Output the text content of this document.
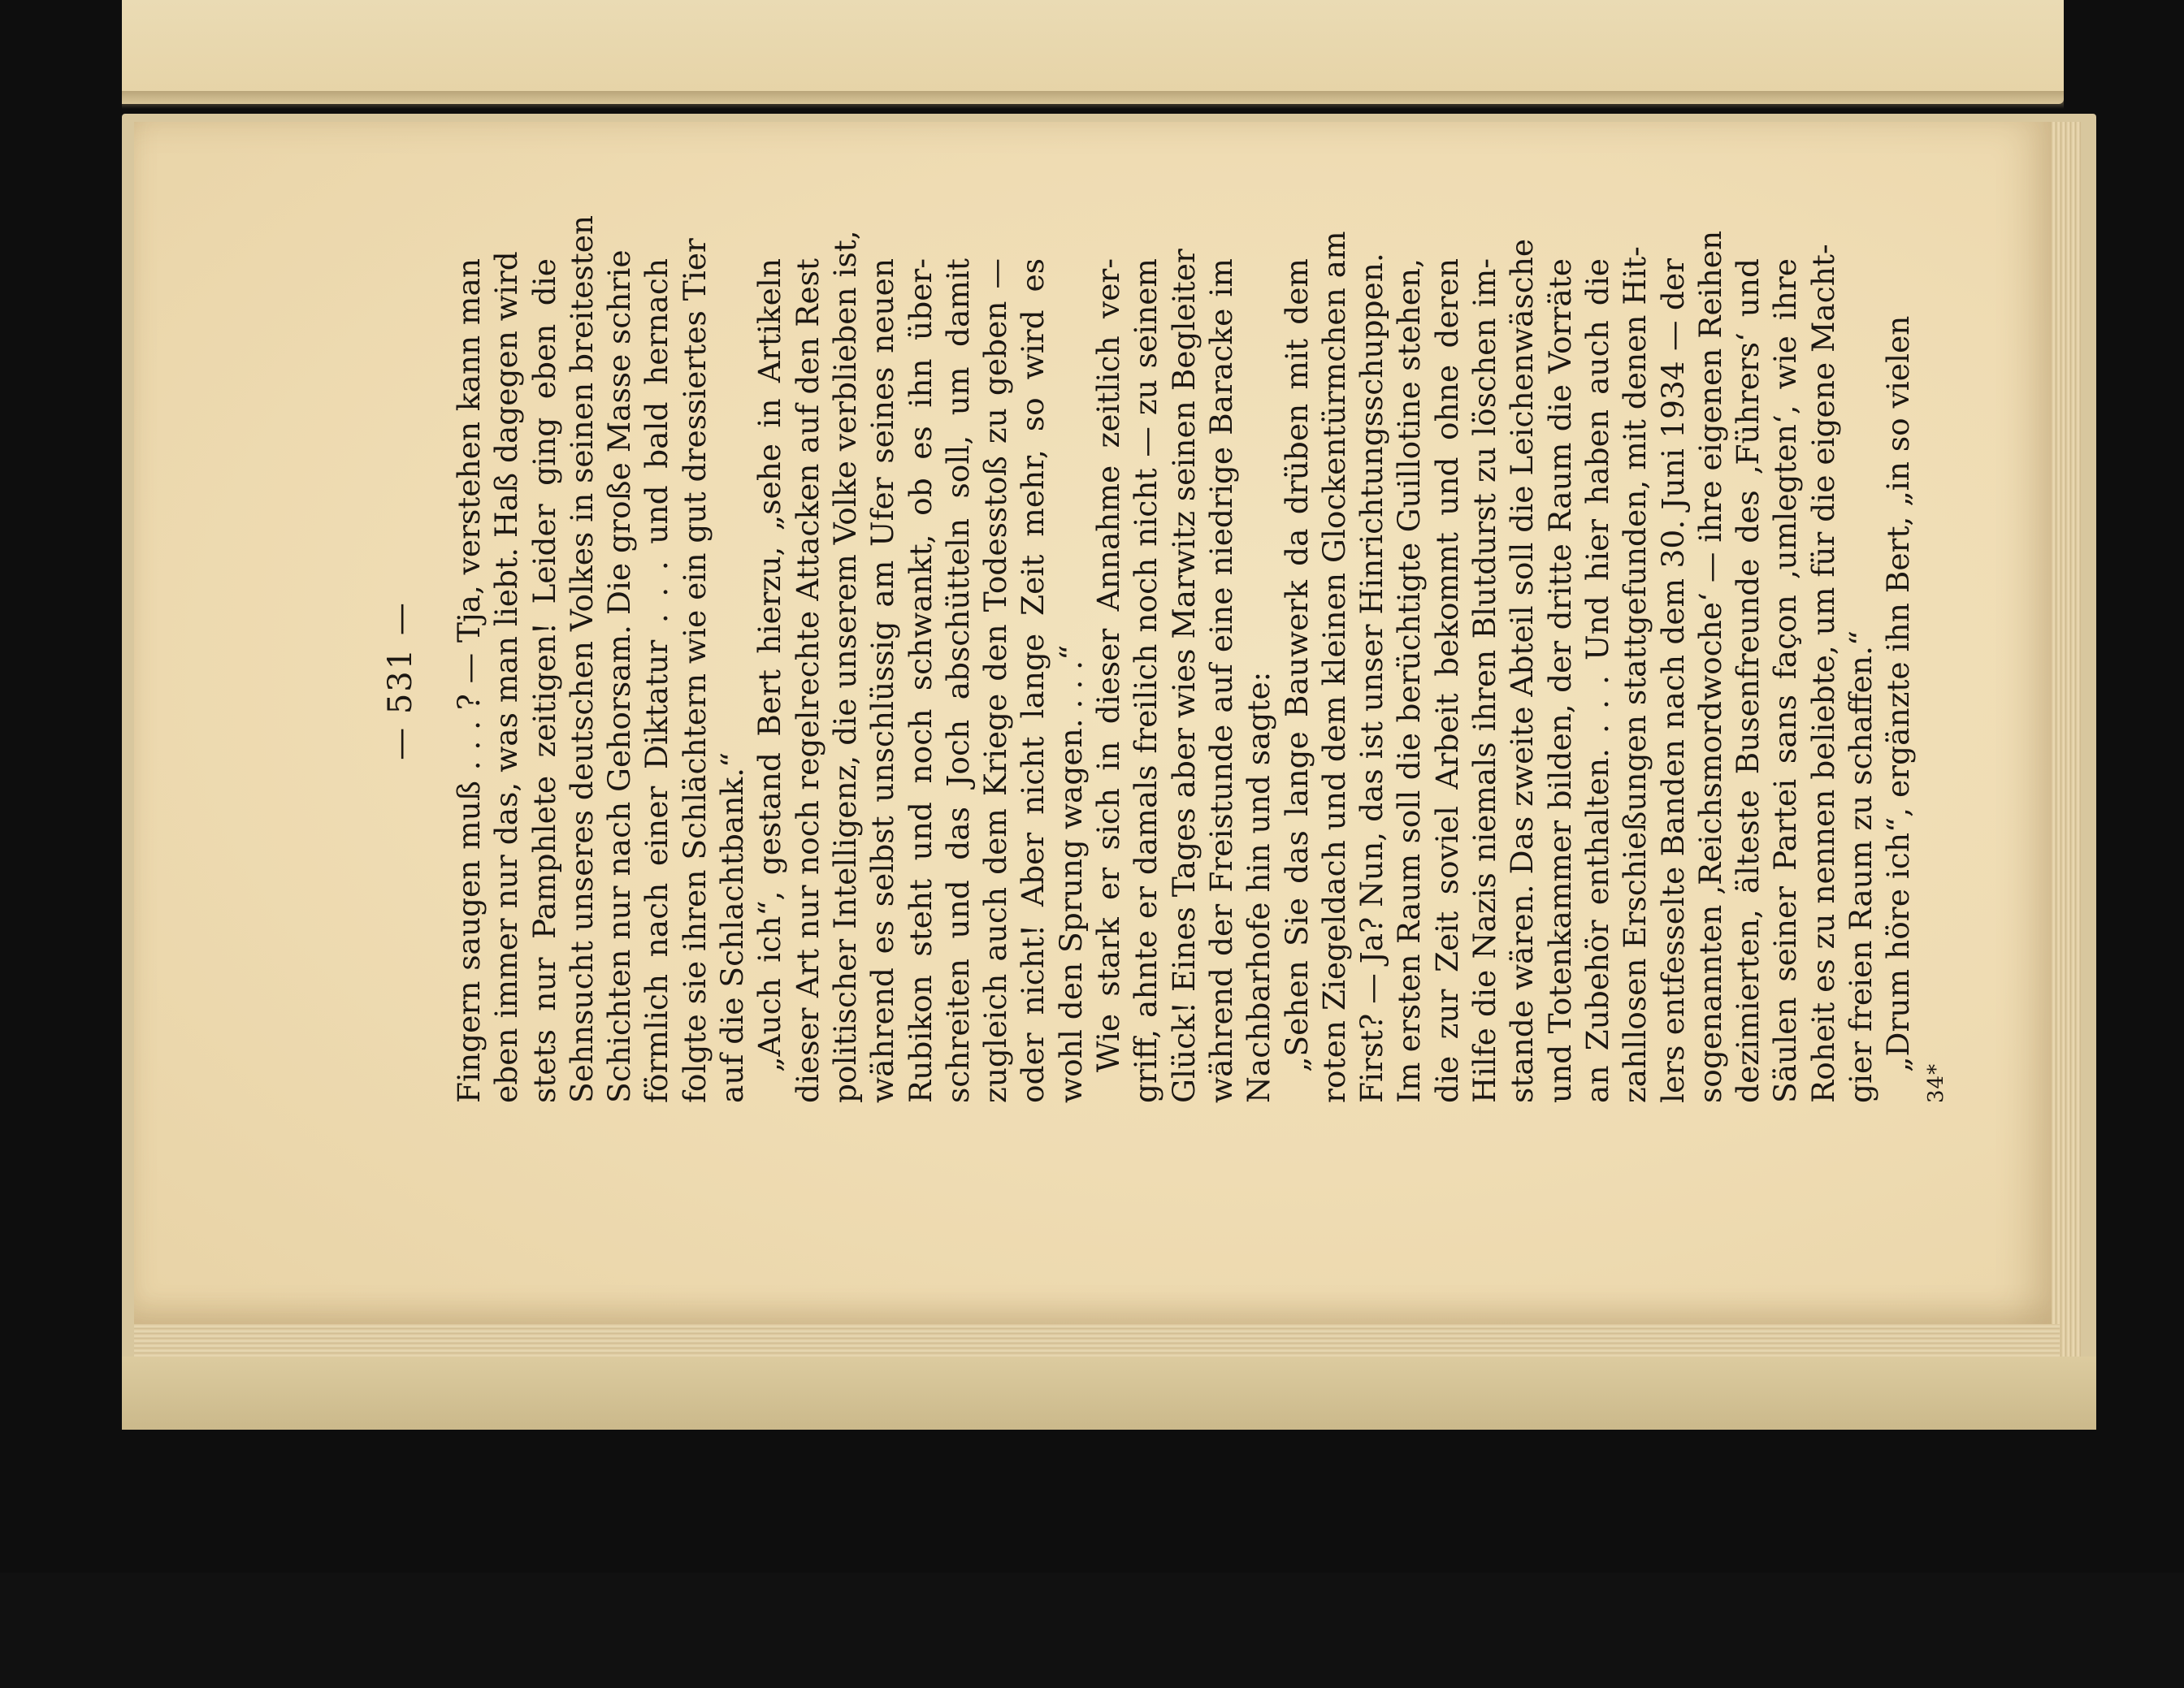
— 531 —	Fingern saugen muß . . . ? — Tja, verstehen kann man eben immer nur das, was man liebt. Haß dagegen wird stets nur Pamphlete zeitigen! Leider ging eben die Sehnsucht unseres deutschen Volkes in seinen breitesten Schichten nur nach Gehorsam. Die große Masse schrie förmlich nach einer Diktatur . . . und bald hernach folgte sie ihren Schlächtern wie ein gut dressiertes Tier auf die Schlachtbank.“ „Auch ich“, gestand Bert hierzu, „sehe in Artikeln dieser Art nur noch regelrechte Attacken auf den Rest politischer Intelligenz, die unserem Volke verblieben ist, während es selbst unschlüssig am Ufer seines neuen Rubikon steht und noch schwankt, ob es ihn über- schreiten und das Joch abschütteln soll, um damit zugleich auch dem Kriege den Todesstoß zu geben — oder nicht! Aber nicht lange Zeit mehr, so wird es wohl den Sprung wagen. . . .“ Wie stark er sich in dieser Annahme zeitlich ver- griff, ahnte er damals freilich noch nicht — zu seinem Glück! Eines Tages aber wies Marwitz seinen Begleiter während der Freistunde auf eine niedrige Baracke im Nachbarhofe hin und sagte: „Sehen Sie das lange Bauwerk da drüben mit dem roten Ziegeldach und dem kleinen Glockentürmchen am First? — Ja? Nun, das ist unser Hinrichtungsschuppen. Im ersten Raum soll die berüchtigte Guillotine stehen, die zur Zeit soviel Arbeit bekommt und ohne deren Hilfe die Nazis niemals ihren Blutdurst zu löschen im- stande wären. Das zweite Abteil soll die Leichenwäsche und Totenkammer bilden, der dritte Raum die Vorräte an Zubehör enthalten. . . . Und hier haben auch die zahllosen Erschießungen stattgefunden, mit denen Hit- lers entfesselte Banden nach dem 30. Juni 1934 — der sogenannten ‚Reichsmordwoche‘ — ihre eigenen Reihen dezimierten, älteste Busenfreunde des ‚Führers‘ und Säulen seiner Partei sans façon ‚umlegten‘, wie ihre Roheit es zu nennen beliebte, um für die eigene Macht- gier freien Raum zu schaffen.“ „Drum höre ich“, ergänzte ihn Bert, „in so vielen

34*
